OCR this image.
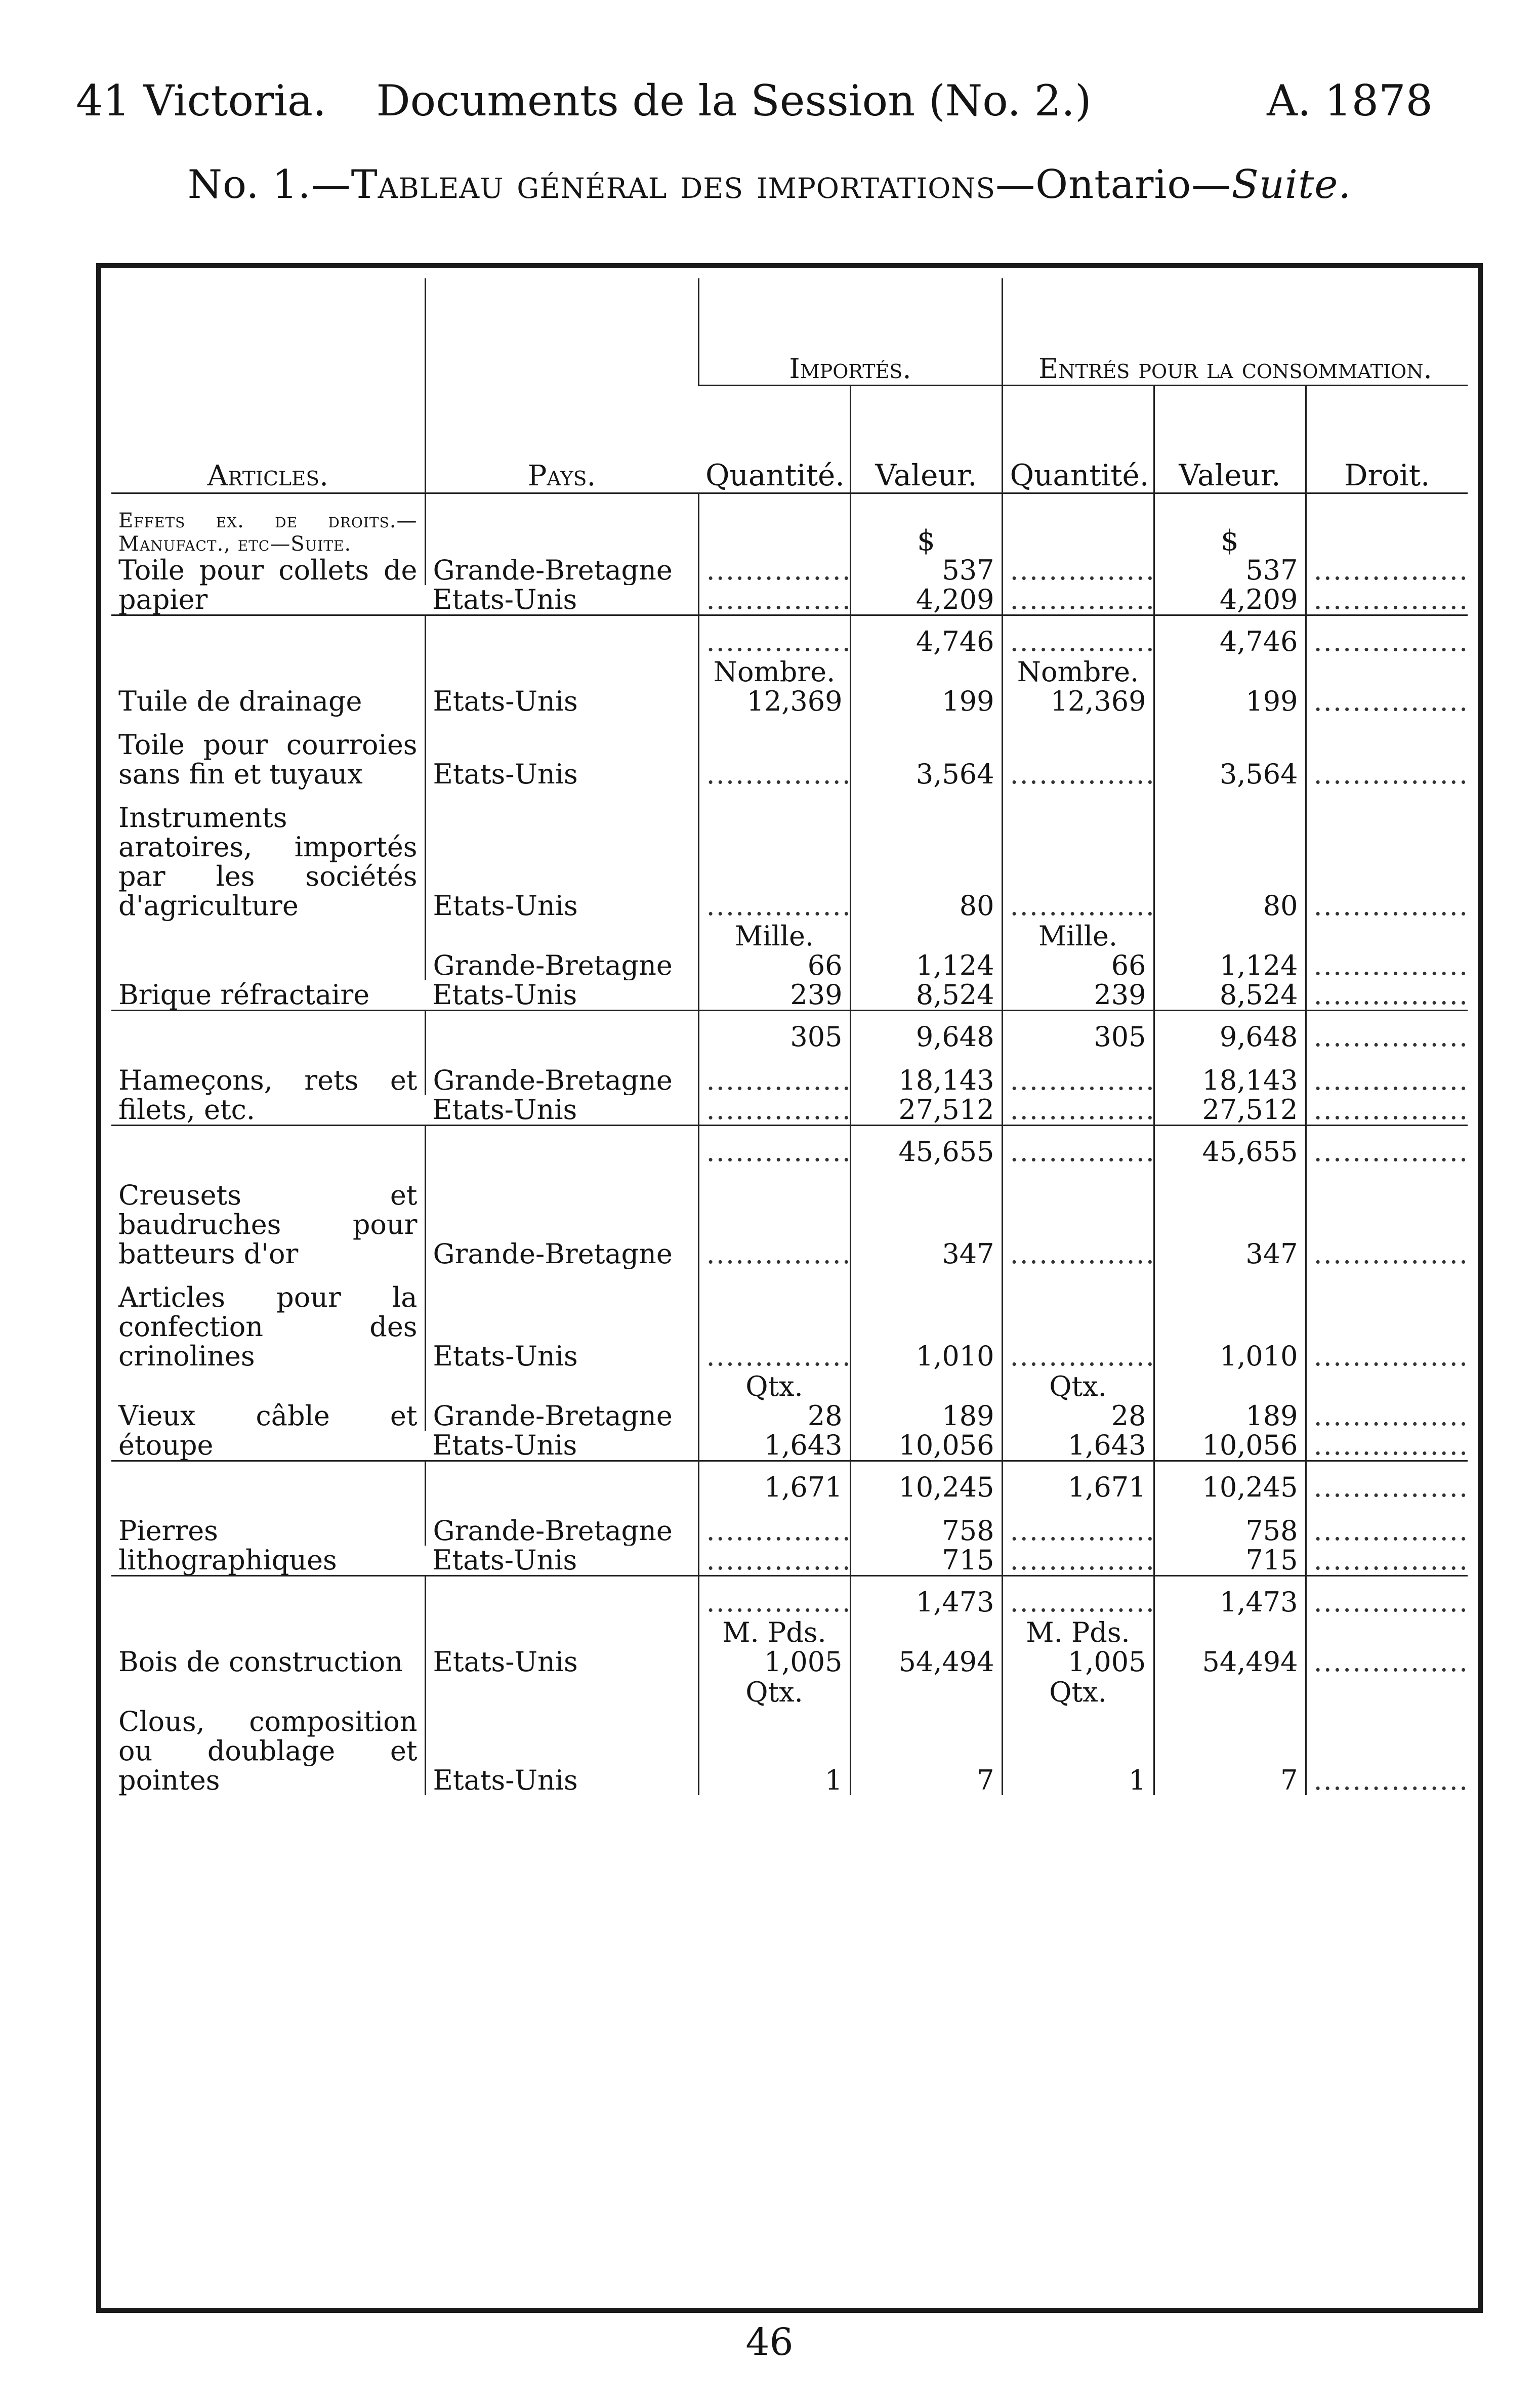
41 Victoria.	Documents de la Session (No. 2.)	A. 1878
No. 1.—Tableau général des importations—Ontario—Suite.
Articles.	Pays.	Importés.		Entrés pour la consommation.		
		Quantité.	Valeur.	Quantité.	Valeur.	Droit.
Effets ex. de droits.—Manufact., etc—Suite.			$		$	

Toile pour collets de papier	Grande-Bretagne	.....	537	.....	537	.....
	Etats-Unis	.....	4,209	.....	4,209	.....
		.....	4,746	.....	4,746	.....
		Nombre.		Nombre.		
Tuile de drainage	Etats-Unis	12,369	199	12,369	199	.....

Toile pour courroies sans fin et tuyaux	Etats-Unis	.....	3,564	.....	3,564	.....

Instruments aratoires, importés par les sociétés d'agriculture	Etats-Unis	.....	80	.....	80	.....
		Mille.		Mille.		
Brique réfractaire	Grande-Bretagne	66	1,124	66	1,124	.....
	Etats-Unis	239	8,524	239	8,524	.....
		305	9,648	305	9,648	.....

Hameçons, rets et filets, etc.	Grande-Bretagne	.....	18,143	.....	18,143	.....
	Etats-Unis	.....	27,512	.....	27,512	.....
		.....	45,655	.....	45,655	.....

Creusets et baudruches pour batteurs d'or	Grande-Bretagne	.....	347	.....	347	.....

Articles pour la confection des crinolines	Etats-Unis	.....	1,010	.....	1,010	.....
		Qtx.		Qtx.		
Vieux câble et étoupe	Grande-Bretagne	28	189	28	189	.....
	Etats-Unis	1,643	10,056	1,643	10,056	.....
		1,671	10,245	1,671	10,245	.....

Pierres lithographiques	Grande-Bretagne	.....	758	.....	758	.....
	Etats-Unis	.....	715	.....	715	.....
		.....	1,473	.....	1,473	.....
		M. Pds.		M. Pds.		
Bois de construction	Etats-Unis	1,005	54,494	1,005	54,494	.....
		Qtx.		Qtx.		
Clous, composition ou doublage et pointes	Etats-Unis	1	7	1	7	.....
46
